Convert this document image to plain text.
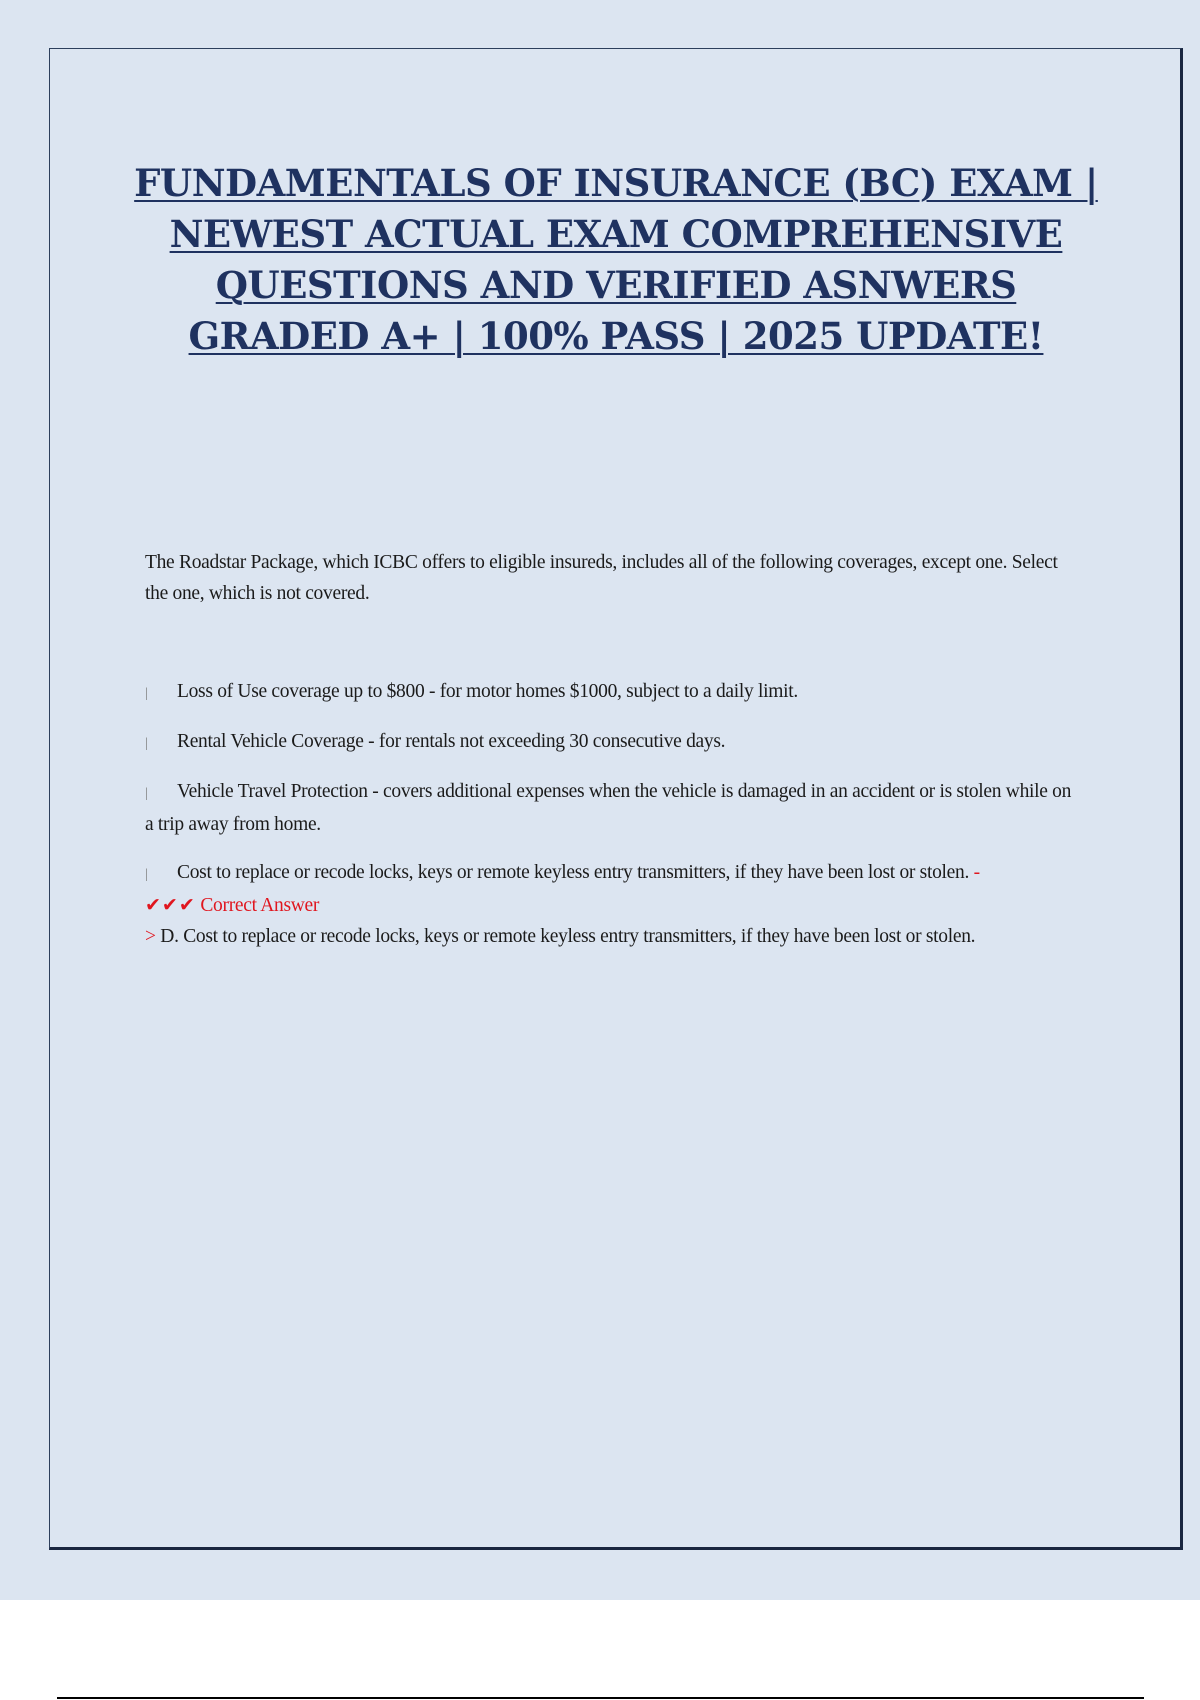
FUNDAMENTALS OF INSURANCE (BC) EXAM | NEWEST ACTUAL EXAM COMPREHENSIVE QUESTIONS AND VERIFIED ASNWERS GRADED A+ | 100% PASS | 2025 UPDATE!

The Roadstar Package, which ICBC offers to eligible insureds, includes all of the following coverages, except one. Select the one, which is not covered.

| Loss of Use coverage up to $800 - for motor homes $1000, subject to a daily limit.

| Rental Vehicle Coverage - for rentals not exceeding 30 consecutive days.

| Vehicle Travel Protection - covers additional expenses when the vehicle is damaged in an accident or is stolen while on a trip away from home.

| Cost to replace or recode locks, keys or remote keyless entry transmitters, if they have been lost or stolen. -
✔✔✔ Correct Answer

> D. Cost to replace or recode locks, keys or remote keyless entry transmitters, if they have been lost or stolen.
